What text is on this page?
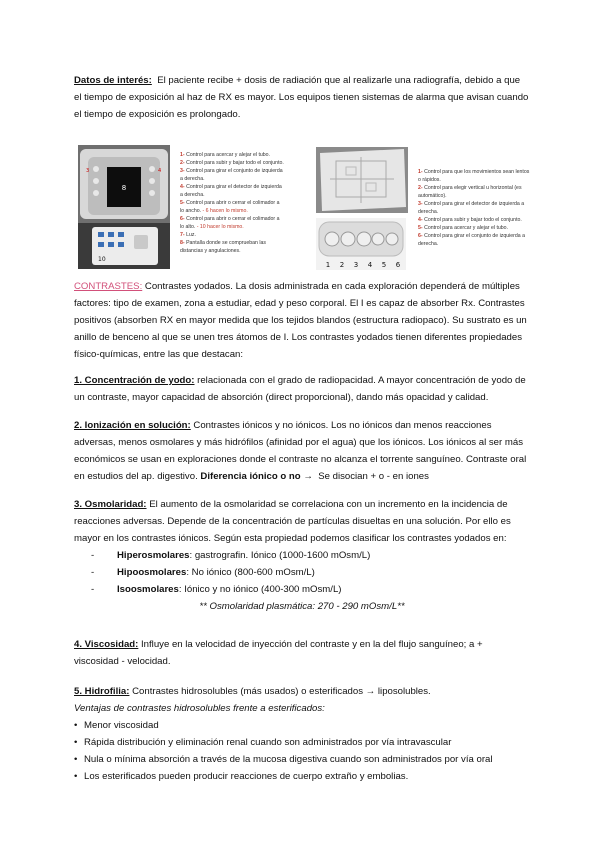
Datos de interés: El paciente recibe + dosis de radiación que al realizarle una radiografía, debido a que el tiempo de exposición al haz de RX es mayor. Los equipos tienen sistemas de alarma que avisan cuando el tiempo de exposición es prolongado.

8
3	4
10
1- Control para acercar y alejar el tubo.
2- Control para subir y bajar todo el conjunto.
3- Control para girar el conjunto de izquierda a derecha.
4- Control para girar el detector de izquierda a derecha.
5- Control para abrir o cerrar el colimador a lo ancho. - 6 hacen lo mismo.
6- Control para abrir o cerrar el colimador a lo alto. - 10 hacer lo mismo.
7- Luz.
8- Pantalla donde se comprueban las distancias y angulaciones.
1 2 3 4 5 6
1- Control para que los movimientos sean lentos o rápidos.
2- Control para elegir vertical u horizontal (es automático).
3- Control para girar el detector de izquierda a derecha.
4- Control para subir y bajar todo el conjunto.
5- Control para acercar y alejar el tubo.
6- Control para girar el conjunto de izquierda a derecha.

CONTRASTES: Contrastes yodados. La dosis administrada en cada exploración dependerá de múltiples factores: tipo de examen, zona a estudiar, edad y peso corporal. El I es capaz de absorber Rx. Contrastes positivos (absorben RX en mayor medida que los tejidos blandos (estructura radiopaco). Su sustrato es un anillo de benceno al que se unen tres átomos de I. Los contrastes yodados tienen diferentes propiedades físico-químicas, entre las que destacan:

1. Concentración de yodo: relacionada con el grado de radiopacidad. A mayor concentración de yodo de un contraste, mayor capacidad de absorción (direct proporcional), dando más opacidad y calidad.

2. Ionización en solución: Contrastes iónicos y no iónicos. Los no iónicos dan menos reacciones adversas, menos osmolares y más hidrófilos (afinidad por el agua) que los iónicos. Los iónicos al ser más económicos se usan en exploraciones donde el contraste no alcanza el torrente sanguíneo. Contraste oral en estudios del ap. digestivo. Diferencia iónico o no → Se disocian + o - en iones

3. Osmolaridad: El aumento de la osmolaridad se correlaciona con un incremento en la incidencia de reacciones adversas. Depende de la concentración de partículas disueltas en una solución. Por ello es mayor en los contrastes iónicos. Según esta propiedad podemos clasificar los contrastes yodados en:

- Hiperosmolares: gastrografin. Iónico (1000-1600 mOsm/L)
- Hipoosmolares: No iónico (800-600 mOsm/L)
- Isoosmolares: Iónico y no iónico (400-300 mOsm/L)

** Osmolaridad plasmática: 270 - 290 mOsm/L**

4. Viscosidad: Influye en la velocidad de inyección del contraste y en la del flujo sanguíneo; a + viscosidad - velocidad.

5. Hidrofilia: Contrastes hidrosolubles (más usados) o esterificados → liposolubles.

Ventajas de contrastes hidrosolubles frente a esterificados:

• Menor viscosidad
• Rápida distribución y eliminación renal cuando son administrados por vía intravascular
• Nula o mínima absorción a través de la mucosa digestiva cuando son administrados por vía oral
• Los esterificados pueden producir reacciones de cuerpo extraño y embolias.
